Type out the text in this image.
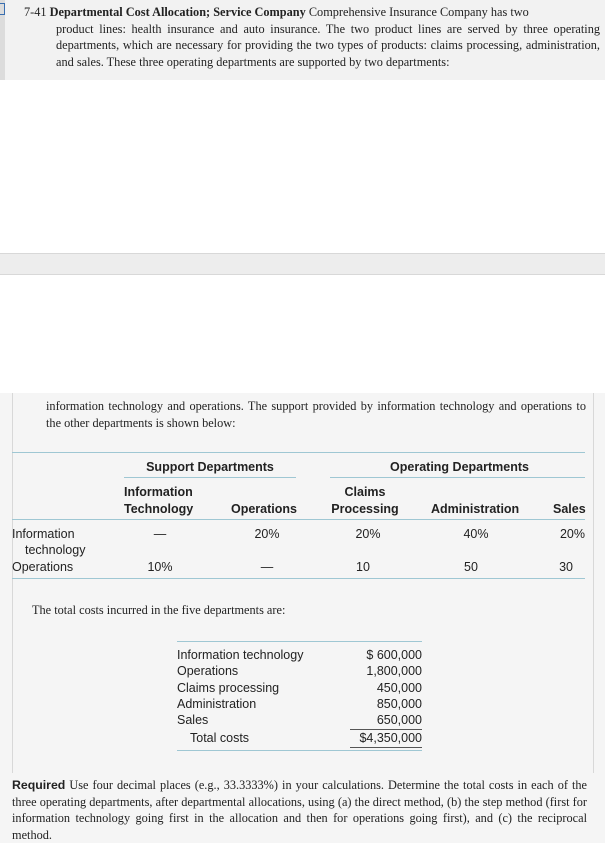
7-41 Departmental Cost Allocation; Service Company Comprehensive Insurance Company has two
product lines: health insurance and auto insurance. The two product lines are served by three operating departments, which are necessary for providing the two types of products: claims processing, administration, and sales. These three operating departments are supported by two departments:
information technology and operations. The support provided by information technology and operations to the other departments is shown below:
Support Departments	Operating Departments
Information
Technology	Operations
Claims
Processing	Administration	Sales
Information
technology
—	20%	20%	40%	20%
Operations	10%	—	10	50	30
The total costs incurred in the five departments are:
Information technology	$ 600,000
Operations	1,800,000
Claims processing	450,000
Administration	850,000
Sales	650,000
Total costs	$4,350,000
Required Use four decimal places (e.g., 33.3333%) in your calculations. Determine the total costs in each of the three operating departments, after departmental allocations, using (a) the direct method, (b) the step method (first for information technology going first in the allocation and then for operations going first), and (c) the reciprocal method.
